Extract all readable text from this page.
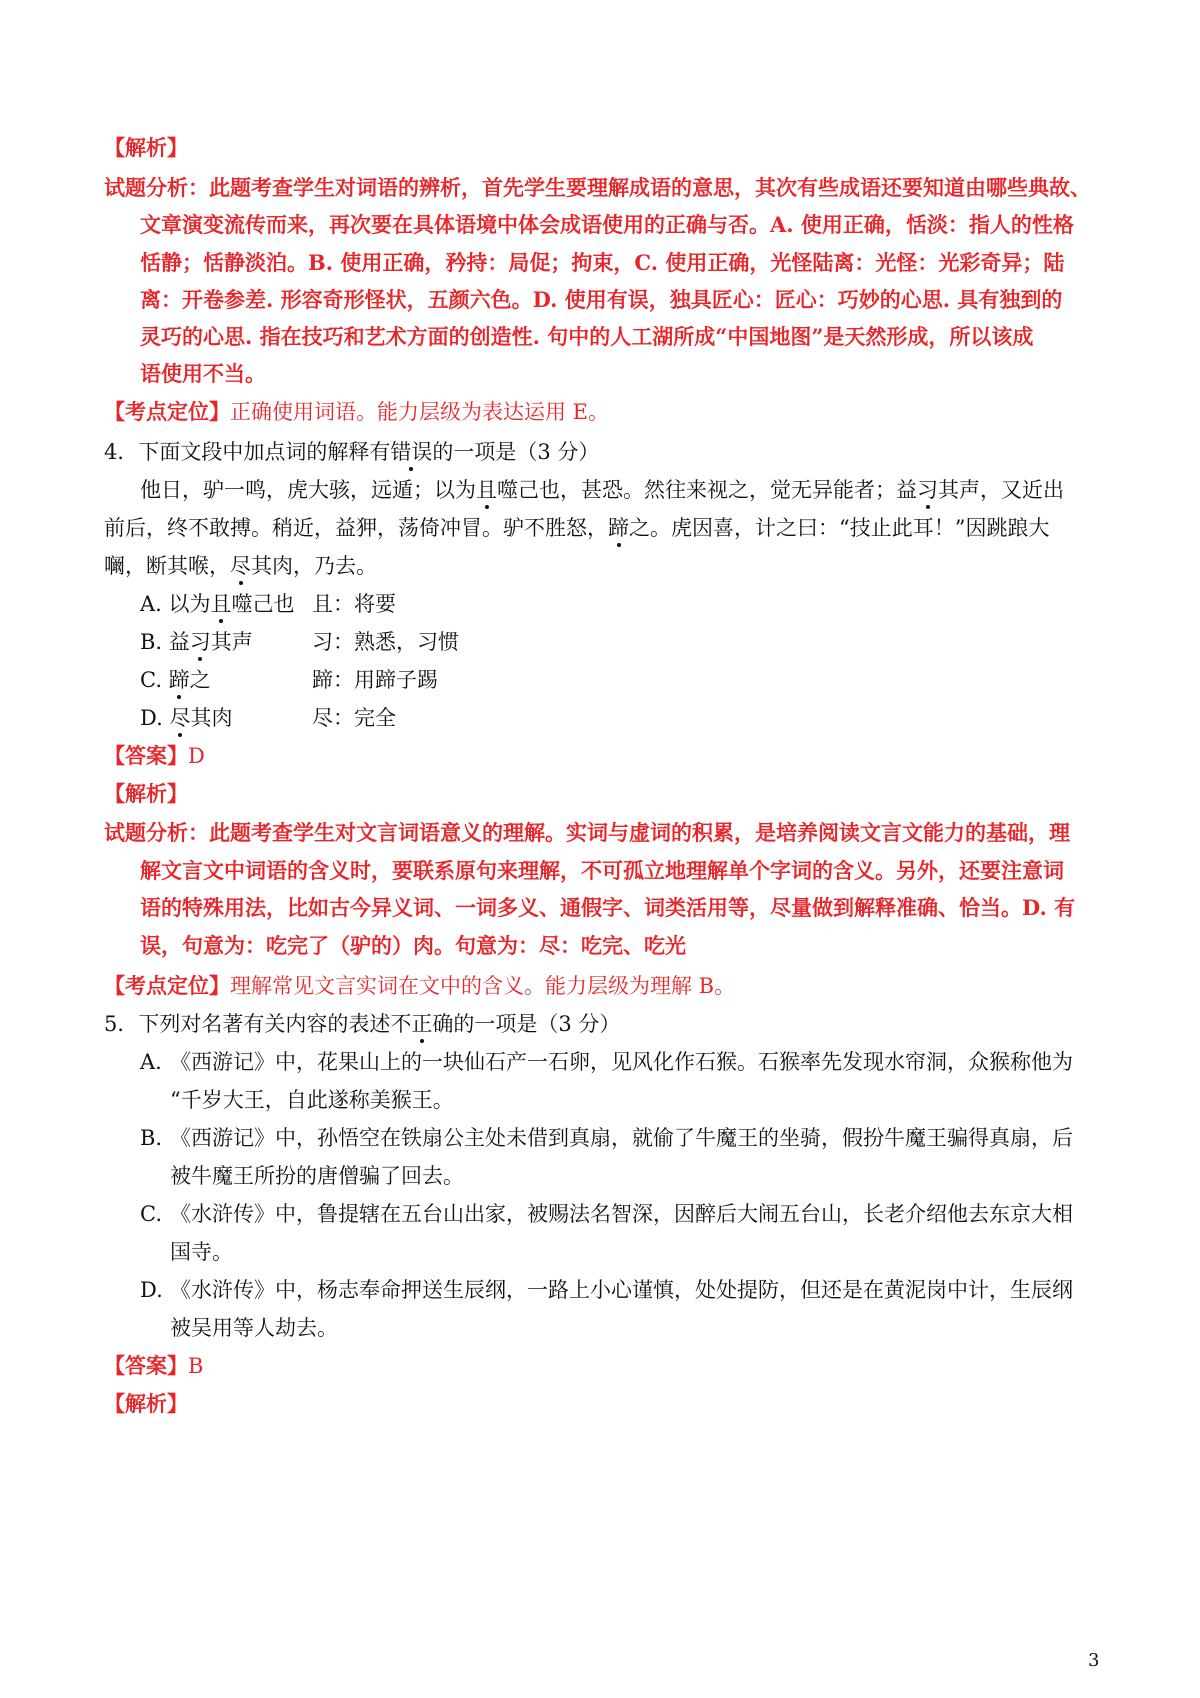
【解析】
试题分析：此题考查学生对词语的辨析，首先学生要理解成语的意思，其次有些成语还要知道由哪些典故、
文章演变流传而来，再次要在具体语境中体会成语使用的正确与否。A. 使用正确，恬淡：指人的性格
恬静；恬静淡泊。B. 使用正确，矜持：局促；拘束，C. 使用正确，光怪陆离：光怪：光彩奇异；陆
离：开卷参差. 形容奇形怪状，五颜六色。D. 使用有误，独具匠心：匠心：巧妙的心思. 具有独到的
灵巧的心思. 指在技巧和艺术方面的创造性. 句中的人工湖所成“中国地图”是天然形成，所以该成
语使用不当。
【考点定位】正确使用词语。能力层级为表达运用 E。
4．下面文段中加点词的解释有错误的一项是（3 分）
他日，驴一鸣，虎大骇，远遁；以为且噬己也，甚恐。然往来视之，觉无异能者；益习其声，又近出
前后，终不敢搏。稍近，益狎，荡倚冲冒。驴不胜怒，蹄之。虎因喜，计之曰：“技止此耳！”因跳踉大
㘎，断其喉，尽其肉，乃去。
A. 以为且噬己也 且：将要
B. 益习其声	习：熟悉，习惯
C. 蹄之	蹄：用蹄子踢
D. 尽其肉	尽：完全
【答案】D
【解析】
试题分析：此题考查学生对文言词语意义的理解。实词与虚词的积累，是培养阅读文言文能力的基础，理
解文言文中词语的含义时，要联系原句来理解，不可孤立地理解单个字词的含义。另外，还要注意词
语的特殊用法，比如古今异义词、一词多义、通假字、词类活用等，尽量做到解释准确、恰当。D. 有
误，句意为：吃完了（驴的）肉。句意为：尽：吃完、吃光
【考点定位】理解常见文言实词在文中的含义。能力层级为理解 B。
5．下列对名著有关内容的表述不正确的一项是（3 分）
A. 《西游记》中，花果山上的一块仙石产一石卵，见风化作石猴。石猴率先发现水帘洞，众猴称他为
“千岁大王，自此遂称美猴王。
B. 《西游记》中，孙悟空在铁扇公主处未借到真扇，就偷了牛魔王的坐骑，假扮牛魔王骗得真扇，后
被牛魔王所扮的唐僧骗了回去。
C. 《水浒传》中，鲁提辖在五台山出家，被赐法名智深，因醉后大闹五台山，长老介绍他去东京大相
国寺。
D. 《水浒传》中，杨志奉命押送生辰纲，一路上小心谨慎，处处提防，但还是在黄泥岗中计，生辰纲
被吴用等人劫去。
【答案】B
【解析】
3
